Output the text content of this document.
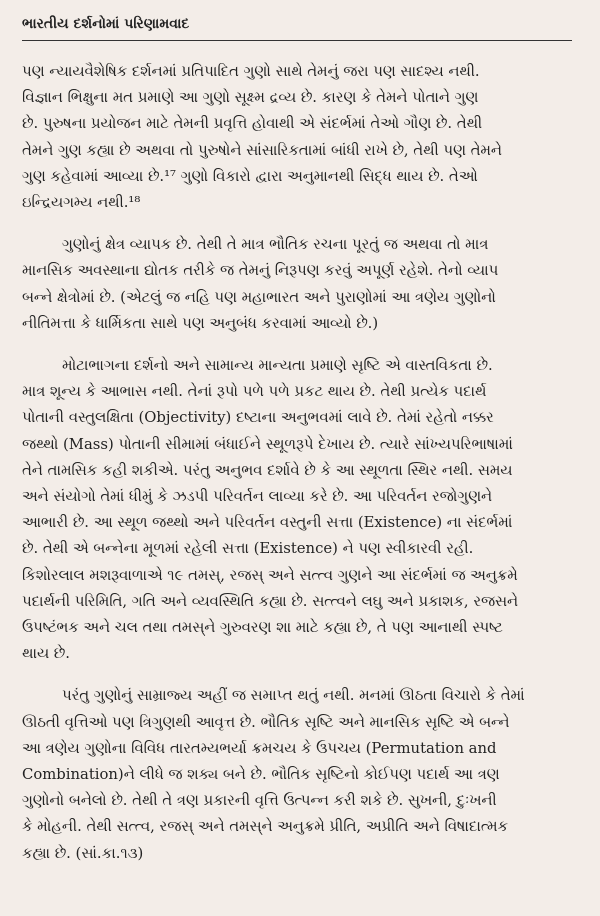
ભારતીય દર્શનોમાં પરિણામવાદ
પણ ન્યાયવૈશેષિક દર્શનમાં પ્રતિપાદિત ગુણો સાથે તેમનું જરા પણ સાદશ્ય નથી.
વિજ્ઞાન ભિક્ષુના મત પ્રમાણે આ ગુણો સૂક્ષ્મ દ્રવ્ય છે. કારણ કે તેમને પોતાને ગુણ
છે. પુરુષના પ્રયોજન માટે તેમની પ્રવૃત્તિ હોવાથી એ સંદર્ભમાં તેઓ ગૌણ છે. તેથી
તેમને ગુણ કહ્યા છે અથવા તો પુરુષોને સાંસારિકતામાં બાંધી રાખે છે, તેથી પણ તેમને
ગુણ કહેવામાં આવ્યા છે.¹⁷ ગુણો વિકારો દ્વારા અનુમાનથી સિદ્ધ થાય છે. તેઓ
ઇન્દ્રિયગમ્ય નથી.¹⁸
ગુણોનું ક્ષેત્ર વ્યાપક છે. તેથી તે માત્ર ભૌતિક રચના પૂરતું જ અથવા તો માત્ર
માનસિક અવસ્થાના દ્યોતક તરીકે જ તેમનું નિરૂપણ કરવું અપૂર્ણ રહેશે. તેનો વ્યાપ
બન્ને ક્ષેત્રોમાં છે. (એટલું જ નહિ પણ મહાભારત અને પુરાણોમાં આ ત્રણેય ગુણોનો
નીતિમત્તા કે ધાર્મિકતા સાથે પણ અનુબંધ કરવામાં આવ્યો છે.)
મોટાભાગના દર્શનો અને સામાન્ય માન્યતા પ્રમાણે સૃષ્ટિ એ વાસ્તવિકતા છે.
માત્ર શૂન્ય કે આભાસ નથી. તેનાં રૂપો પળે પળે પ્રકટ થાય છે. તેથી પ્રત્યેક પદાર્થ
પોતાની વસ્તુલક્ષિતા (Objectivity) દષ્ટાના અનુભવમાં લાવે છે. તેમાં રહેતો નક્કર
જથ્થો (Mass) પોતાની સીમામાં બંધાઈને સ્થૂળરૂપે દેખાય છે. ત્યારે સાંખ્યપરિભાષામાં
તેને તામસિક કહી શકીએ. પરંતુ અનુભવ દર્શાવે છે કે આ સ્થૂળતા સ્થિર નથી. સમય
અને સંયોગો તેમાં ધીમું કે ઝડપી પરિવર્તન લાવ્યા કરે છે. આ પરિવર્તન રજોગુણને
આભારી છે. આ સ્થૂળ જથ્થો અને પરિવર્તન વસ્તુની સત્તા (Existence) ના સંદર્ભમાં
છે. તેથી એ બન્નેના મૂળમાં રહેલી સત્તા (Existence) ને પણ સ્વીકારવી રહી.
કિશોરલાલ મશરૂવાળાએ ૧૯ તમસ્, રજસ્ અને સત્ત્વ ગુણને આ સંદર્ભમાં જ અનુક્રમે
પદાર્થની પરિમિતિ, ગતિ અને વ્યવસ્થિતિ કહ્યા છે. સત્ત્વને લઘુ અને પ્રકાશક, રજસને
ઉપષ્ટંભક અને ચલ તથા તમસ્‌ને ગુરુવરણ શા માટે કહ્યા છે, તે પણ આનાથી સ્પષ્ટ
થાય છે.
પરંતુ ગુણોનું સામ્રાજ્ય અહીં જ સમાપ્ત થતું નથી. મનમાં ઊઠતા વિચારો કે તેમાં
ઊઠતી વૃત્તિઓ પણ ત્રિગુણથી આવૃત્ત છે. ભૌતિક સૃષ્ટિ અને માનસિક સૃષ્ટિ એ બન્ને
આ ત્રણેય ગુણોના વિવિધ તારતમ્યભર્યા ક્રમચય કે ઉપચય (Permutation and
Combination)ને લીધે જ શક્ય બને છે. ભૌતિક સૃષ્ટિનો કોઈપણ પદાર્થ આ ત્રણ
ગુણોનો બનેલો છે. તેથી તે ત્રણ પ્રકારની વૃત્તિ ઉત્પન્ન કરી શકે છે. સુખની, દુઃખની
કે મોહની. તેથી સત્ત્વ, રજસ્ અને તમસ્‌ને અનુક્રમે પ્રીતિ, અપ્રીતિ અને વિષાદાત્મક
કહ્યા છે. (સાં.કા.૧૩)
